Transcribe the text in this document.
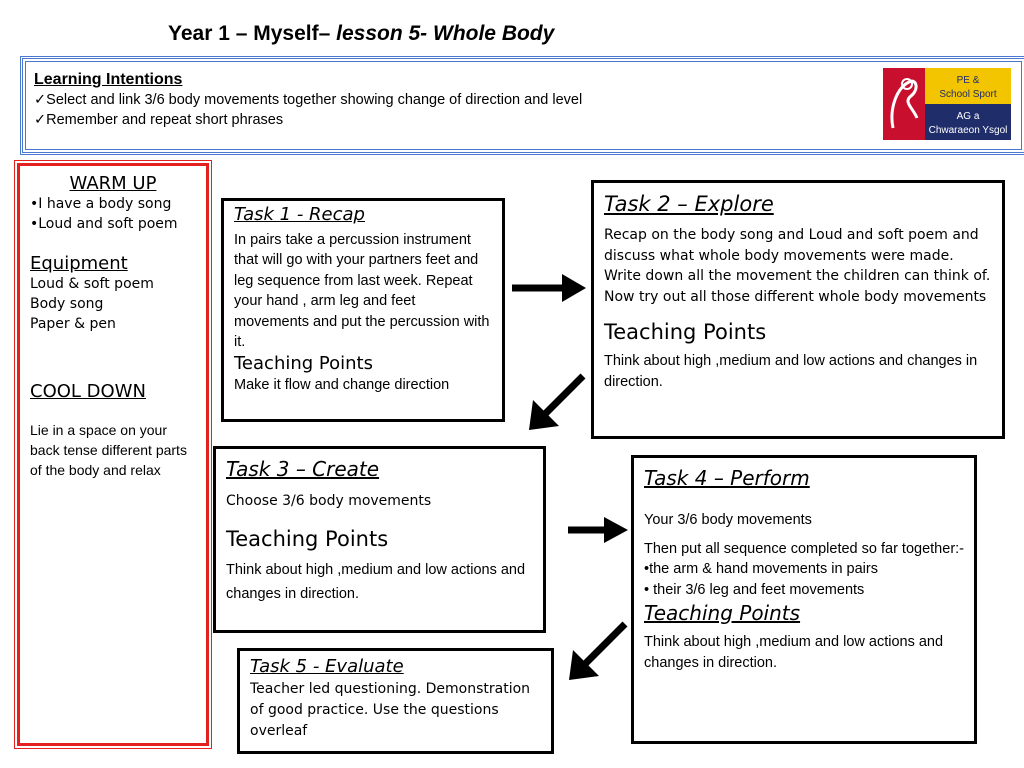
Year 1 – Myself– lesson 5- Whole Body
Learning Intentions
✓Select and link 3/6 body movements together showing change of direction and level
✓Remember and repeat short phrases
PE &
School Sport
AG a
Chwaraeon Ysgol
WARM UP
•I have a body song
•Loud and soft poem
Equipment
Loud & soft poem
Body song
Paper & pen
COOL DOWN
Lie in a space on your back tense different parts of the body and relax
Task 1 - Recap
In pairs take a percussion instrument that will go with your partners feet and leg sequence from last week. Repeat your hand , arm leg and feet movements and put the percussion with it.
Teaching Points
Make it flow and change direction
Task 2 – Explore
Recap on the body song and Loud and soft poem and discuss what whole body movements were made. Write down all the movement the children can think of. Now try out all those different whole body movements
Teaching Points
Think about high ,medium and low actions and changes in direction.
Task 3 – Create
Choose 3/6 body movements
Teaching Points
Think about high ,medium and low actions and changes in direction.
Task 4 – Perform
Your 3/6 body movements
Then put all sequence completed so far together:-
•the arm & hand movements in pairs
• their 3/6 leg and feet movements
Teaching Points
Think about high ,medium and low actions and changes in direction.
Task 5 - Evaluate
Teacher led questioning. Demonstration of good practice. Use the questions overleaf
